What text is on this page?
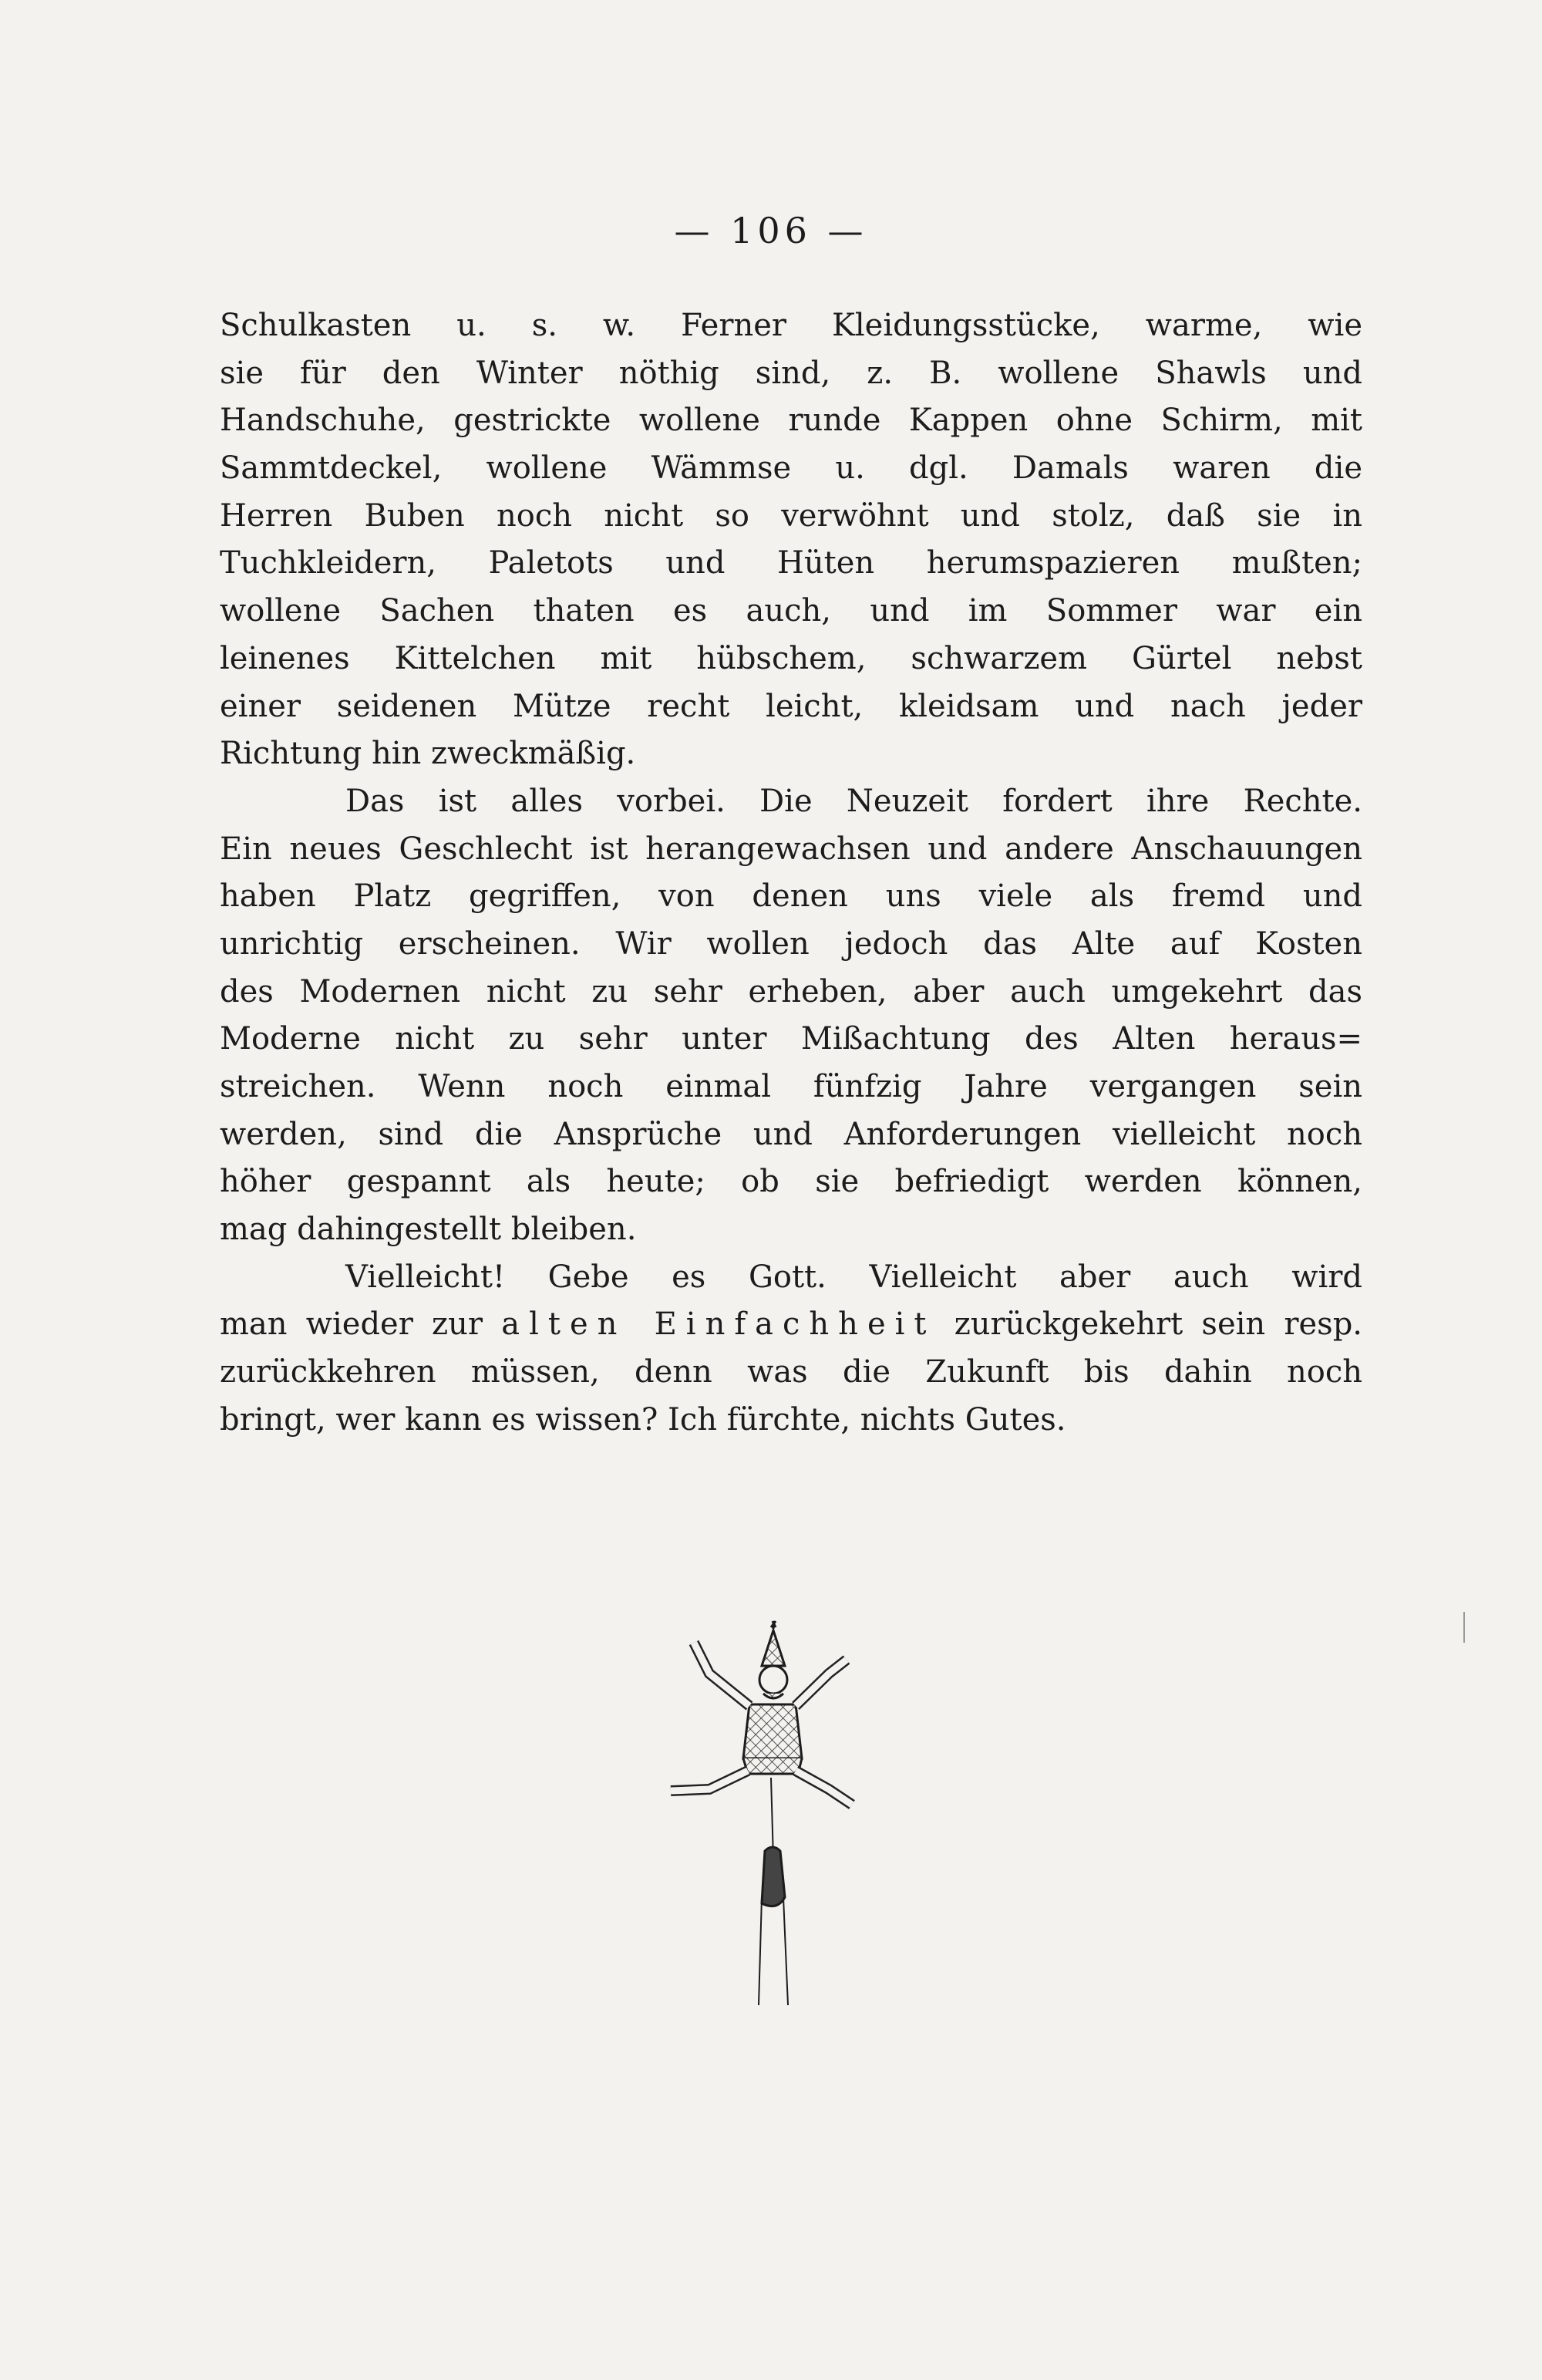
— 106 —
Schulkasten u. s. w. Ferner Kleidungsstücke, warme, wie
sie für den Winter nöthig sind, z. B. wollene Shawls und
Handschuhe, gestrickte wollene runde Kappen ohne Schirm, mit
Sammtdeckel, wollene Wämmse u. dgl. Damals waren die
Herren Buben noch nicht so verwöhnt und stolz, daß sie in
Tuchkleidern, Paletots und Hüten herumspazieren mußten;
wollene Sachen thaten es auch, und im Sommer war ein
leinenes Kittelchen mit hübschem, schwarzem Gürtel nebst
einer seidenen Mütze recht leicht, kleidsam und nach jeder
Richtung hin zweckmäßig.
Das ist alles vorbei. Die Neuzeit fordert ihre Rechte.
Ein neues Geschlecht ist herangewachsen und andere Anschauungen
haben Platz gegriffen, von denen uns viele als fremd und
unrichtig erscheinen. Wir wollen jedoch das Alte auf Kosten
des Modernen nicht zu sehr erheben, aber auch umgekehrt das
Moderne nicht zu sehr unter Mißachtung des Alten heraus=
streichen. Wenn noch einmal fünfzig Jahre vergangen sein
werden, sind die Ansprüche und Anforderungen vielleicht noch
höher gespannt als heute; ob sie befriedigt werden können,
mag dahingestellt bleiben.
Vielleicht! Gebe es Gott. Vielleicht aber auch wird
man wieder zur alten Einfachheit zurückgekehrt sein resp.
zurückkehren müssen, denn was die Zukunft bis dahin noch
bringt, wer kann es wissen? Ich fürchte, nichts Gutes.
